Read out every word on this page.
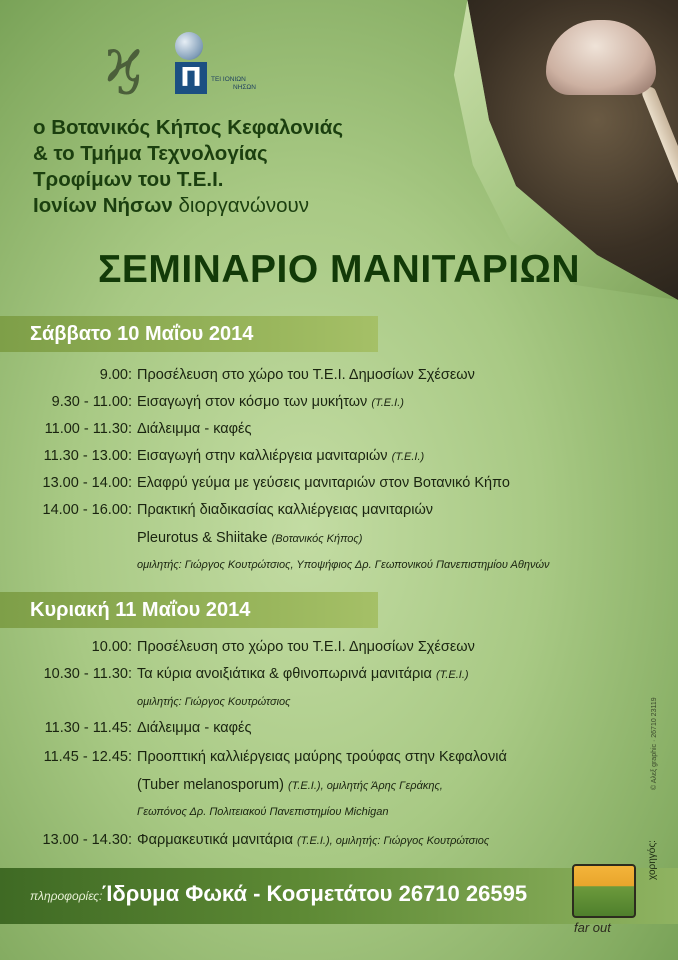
ϗ	Π	ΤΕΙ ΙΟΝΙΩΝ
ΝΗΣΩΝ
ο Βοτανικός Κήπος Κεφαλονιάς
& το Τμήμα Τεχνολογίας
Τροφίμων του Τ.Ε.Ι.
Ιονίων Νήσων διοργανώνουν
ΣΕΜΙΝΑΡΙΟ ΜΑΝΙΤΑΡΙΩΝ
Σάββατο 10 Μαΐου 2014
9.00: Προσέλευση στο χώρο του Τ.Ε.Ι. Δημοσίων Σχέσεων
9.30 - 11.00: Εισαγωγή στον κόσμο των μυκήτων (Τ.Ε.Ι.)
11.00 - 11.30: Διάλειμμα - καφές
11.30 - 13.00: Εισαγωγή στην καλλιέργεια μανιταριών (Τ.Ε.Ι.)
13.00 - 14.00: Ελαφρύ γεύμα με γεύσεις μανιταριών στον Βοτανικό Κήπο
14.00 - 16.00: Πρακτική διαδικασίας καλλιέργειας μανιταριών
Pleurotus & Shiitake (Βοτανικός Κήπος)
ομιλητής: Γιώργος Κουτρώτσιος, Υποψήφιος Δρ. Γεωπονικού Πανεπιστημίου Αθηνών
Κυριακή 11 Μαΐου 2014
10.00: Προσέλευση στο χώρο του Τ.Ε.Ι. Δημοσίων Σχέσεων
10.30 - 11.30: Τα κύρια ανοιξιάτικα & φθινοπωρινά μανιτάρια (Τ.Ε.Ι.)
ομιλητής: Γιώργος Κουτρώτσιος
11.30 - 11.45: Διάλειμμα - καφές
11.45 - 12.45: Προοπτική καλλιέργειας μαύρης τρούφας στην Κεφαλονιά
(Tuber melanosporum) (Τ.Ε.Ι.), ομιλητής Άρης Γεράκης,
Γεωπόνος Δρ. Πολιτειακού Πανεπιστημίου Michigan
13.00 - 14.30: Φαρμακευτικά μανιτάρια (Τ.Ε.Ι.), ομιλητής: Γιώργος Κουτρώτσιος
πληροφορίες: Ίδρυμα Φωκά - Κοσμετάτου 26710 26595
far out
χορηγός:
© Αλεξ graphic · 26710 23119
